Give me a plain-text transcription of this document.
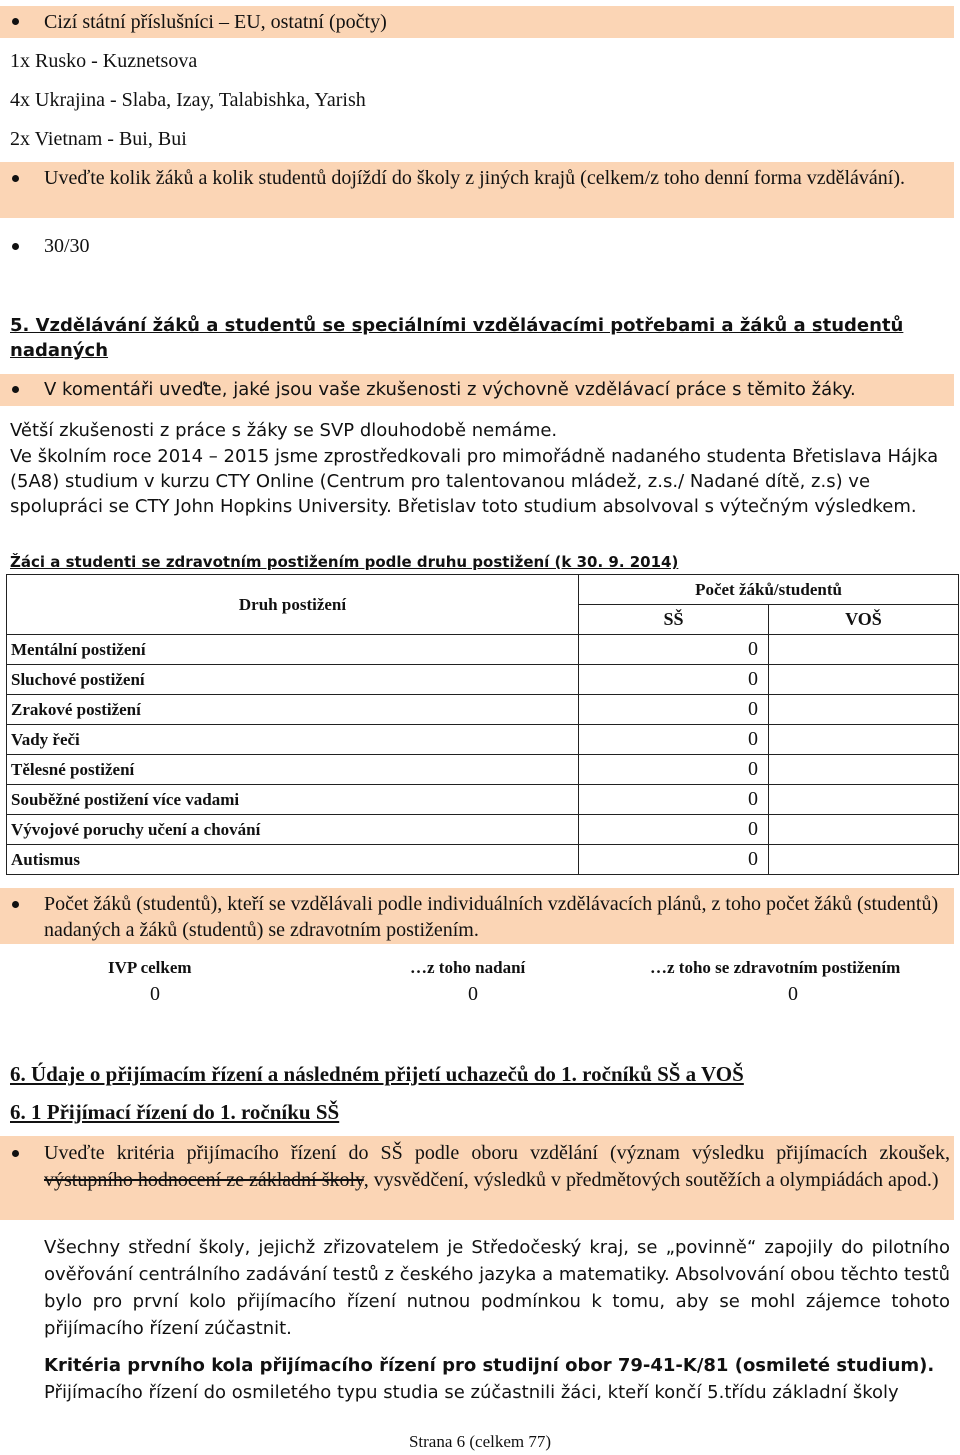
Cizí státní příslušníci – EU, ostatní (počty)
1x Rusko - Kuznetsova
4x Ukrajina - Slaba, Izay, Talabishka, Yarish
2x Vietnam - Bui, Bui
Uveďte kolik žáků a kolik studentů dojíždí do školy z jiných krajů (celkem/z toho denní forma vzdělávání).
30/30
5. Vzdělávání žáků a studentů se speciálními vzdělávacími potřebami a žáků a studentů nadaných
V komentáři uveďte, jaké jsou vaše zkušenosti z výchovně vzdělávací práce s těmito žáky.
Větší zkušenosti z práce s žáky se SVP dlouhodobě nemáme.
Ve školním roce 2014 – 2015 jsme zprostředkovali pro mimořádně nadaného studenta Břetislava Hájka (5A8) studium v kurzu CTY Online (Centrum pro talentovanou mládež, z.s./ Nadané dítě, z.s) ve spolupráci se CTY John Hopkins University. Břetislav toto studium absolvoval s výtečným výsledkem.
Žáci a studenti se zdravotním postižením podle druhu postižení (k 30. 9. 2014)
Druh postižení	Počet žáků/studentů	
	SŠ	VOŠ
Mentální postižení	0	
Sluchové postižení	0	
Zrakové postižení	0	
Vady řeči	0	
Tělesné postižení	0	
Souběžné postižení více vadami	0	
Vývojové poruchy učení a chování	0	
Autismus	0	
Počet žáků (studentů), kteří se vzdělávali podle individuálních vzdělávacích plánů, z toho počet žáků (studentů) nadaných a žáků (studentů) se zdravotním postižením.
IVP celkem	…z toho nadaní	…z toho se zdravotním postižením
0	0	0
6. Údaje o přijímacím řízení a následném přijetí uchazečů do 1. ročníků SŠ a VOŠ
6. 1 Přijímací řízení do 1. ročníku SŠ
Uveďte kritéria přijímacího řízení do SŠ podle oboru vzdělání (význam výsledku přijímacích zkoušek, výstupního hodnocení ze základní školy, vysvědčení, výsledků v předmětových soutěžích a olympiádách apod.)
Všechny střední školy, jejichž zřizovatelem je Středočeský kraj, se „povinně“ zapojily do pilotního ověřování centrálního zadávání testů z českého jazyka a matematiky. Absolvování obou těchto testů bylo pro první kolo přijímacího řízení nutnou podmínkou k tomu, aby se mohl zájemce tohoto přijímacího řízení zúčastnit.
Kritéria prvního kola přijímacího řízení pro studijní obor 79-41-K/81 (osmileté studium).
Přijímacího řízení do osmiletého typu studia se zúčastnili žáci, kteří končí 5.třídu základní školy
Strana 6 (celkem 77)
